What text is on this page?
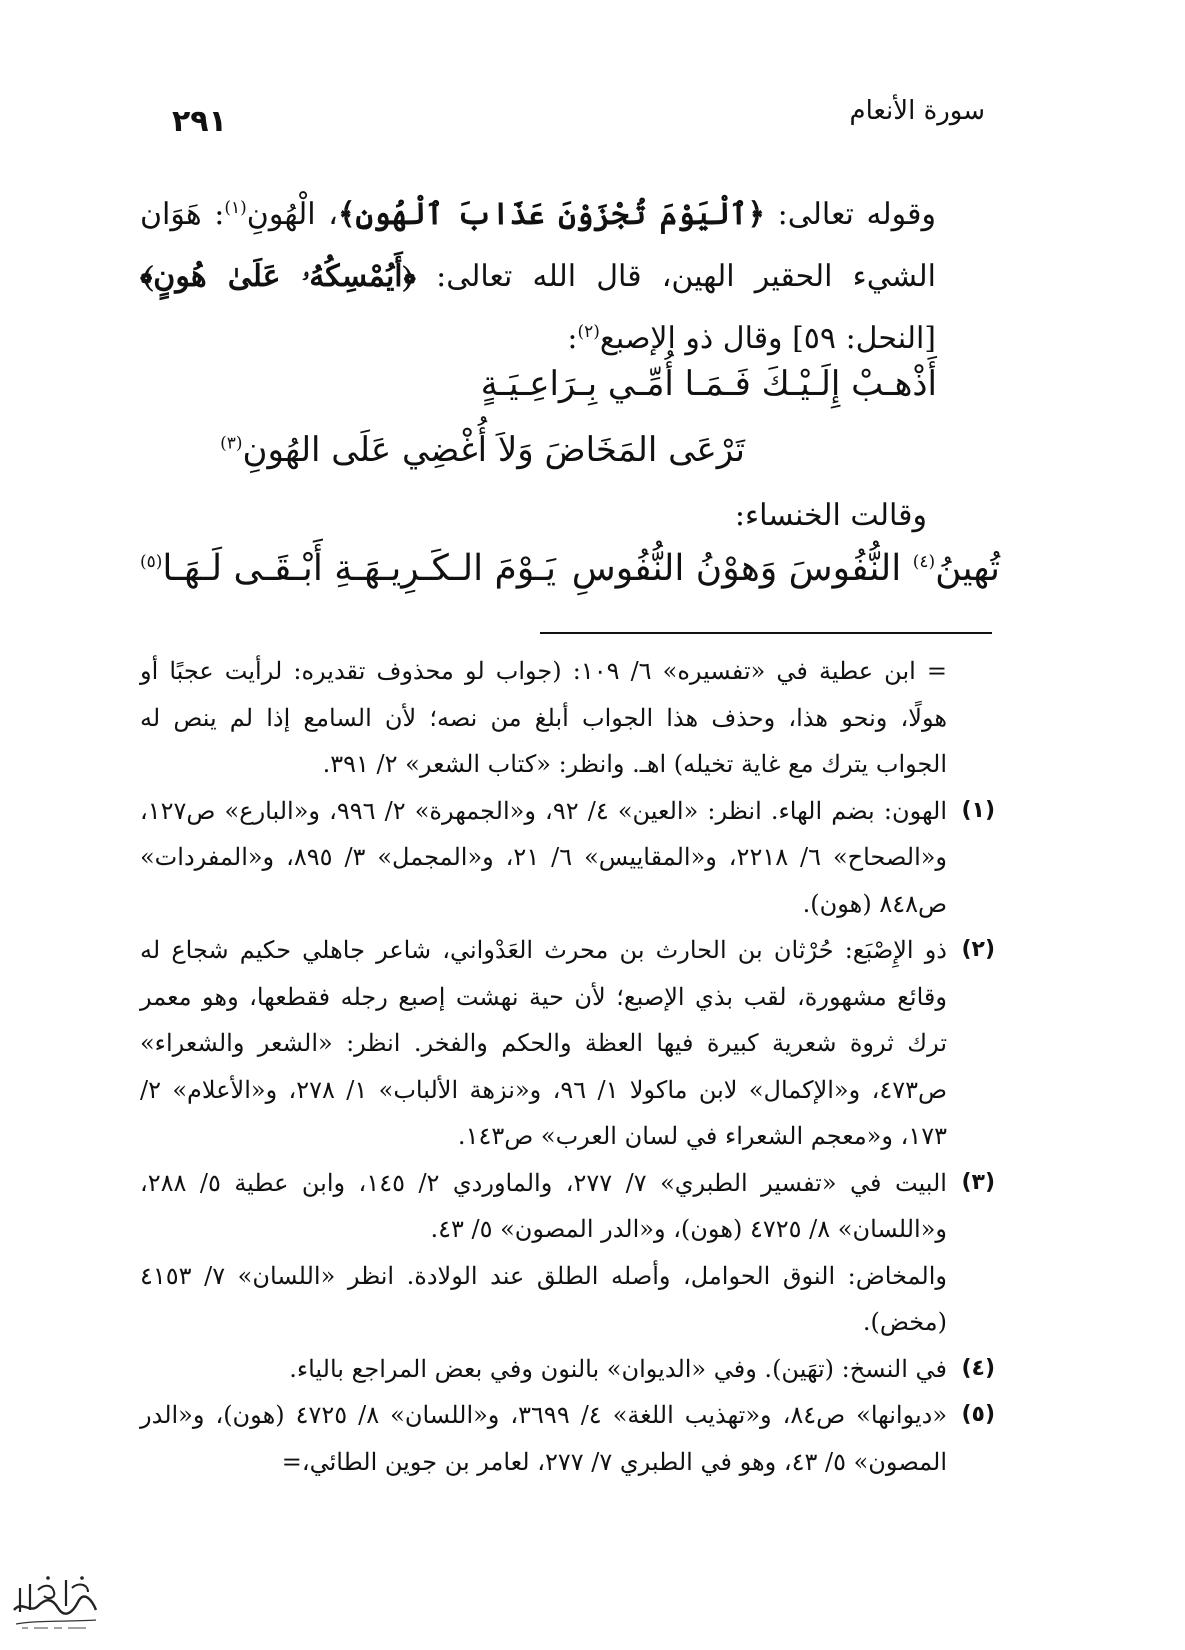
سورة الأنعام
٢٩١

وقوله تعالى: ﴿ٱلْيَوْمَ تُجْزَوْنَ عَذَابَ ٱلْهُونِ﴾، الْهُونِ$^{(١)}$: هَوَان الشيء الحقير الهين، قال الله تعالى: ﴿أَيُمْسِكُهُۥ عَلَىٰ هُونٍ﴾ [النحل: ٥٩] وقال ذو الإصبع$^{(٢)}$:

أَذْهـبْ إِلَـيْـكَ فَـمَـا أُمِّـي بِـرَاعِـيَـةٍ
تَرْعَى المَخَاضَ وَلاَ أُغْضِي عَلَى الهُونِ$^{(٣)}$
وقالت الخنساء:
تُهينُ$^{(٤)}$ النُّفُوسَ وَهوْنُ النُّفُوسِ
يَـوْمَ الـكَـرِيـهَـةِ أَبْـقَـى لَـهَـا$^{(٥)}$

= ابن عطية في «تفسيره» ٦/ ١٠٩: (جواب لو محذوف تقديره: لرأيت عجبًا أو هولًا، ونحو هذا، وحذف هذا الجواب أبلغ من نصه؛ لأن السامع إذا لم ينص له الجواب يترك مع غاية تخيله) اهـ. وانظر: «كتاب الشعر» ٢/ ٣٩١.

(١)
الهون: بضم الهاء. انظر: «العين» ٤/ ٩٢، و«الجمهرة» ٢/ ٩٩٦، و«البارع» ص١٢٧، و«الصحاح» ٦/ ٢٢١٨، و«المقاييس» ٦/ ٢١، و«المجمل» ٣/ ٨٩٥، و«المفردات» ص٨٤٨ (هون).

(٢)
ذو الإِصْبَع: حُرْثان بن الحارث بن محرث العَدْواني، شاعر جاهلي حكيم شجاع له وقائع مشهورة، لقب بذي الإصبع؛ لأن حية نهشت إصبع رجله فقطعها، وهو معمر ترك ثروة شعرية كبيرة فيها العظة والحكم والفخر. انظر: «الشعر والشعراء» ص٤٧٣، و«الإكمال» لابن ماكولا ١/ ٩٦، و«نزهة الألباب» ١/ ٢٧٨، و«الأعلام» ٢/ ١٧٣، و«معجم الشعراء في لسان العرب» ص١٤٣.

(٣)
البيت في «تفسير الطبري» ٧/ ٢٧٧، والماوردي ٢/ ١٤٥، وابن عطية ٥/ ٢٨٨، و«اللسان» ٨/ ٤٧٢٥ (هون)، و«الدر المصون» ٥/ ٤٣.

والمخاض: النوق الحوامل، وأصله الطلق عند الولادة. انظر «اللسان» ٧/ ٤١٥٣ (مخض).

(٤)
في النسخ: (تهَين). وفي «الديوان» بالنون وفي بعض المراجع بالياء.

(٥)
«ديوانها» ص٨٤، و«تهذيب اللغة» ٤/ ٣٦٩٩، و«اللسان» ٨/ ٤٧٢٥ (هون)، و«الدر المصون» ٥/ ٤٣، وهو في الطبري ٧/ ٢٧٧، لعامر بن جوين الطائي،=
